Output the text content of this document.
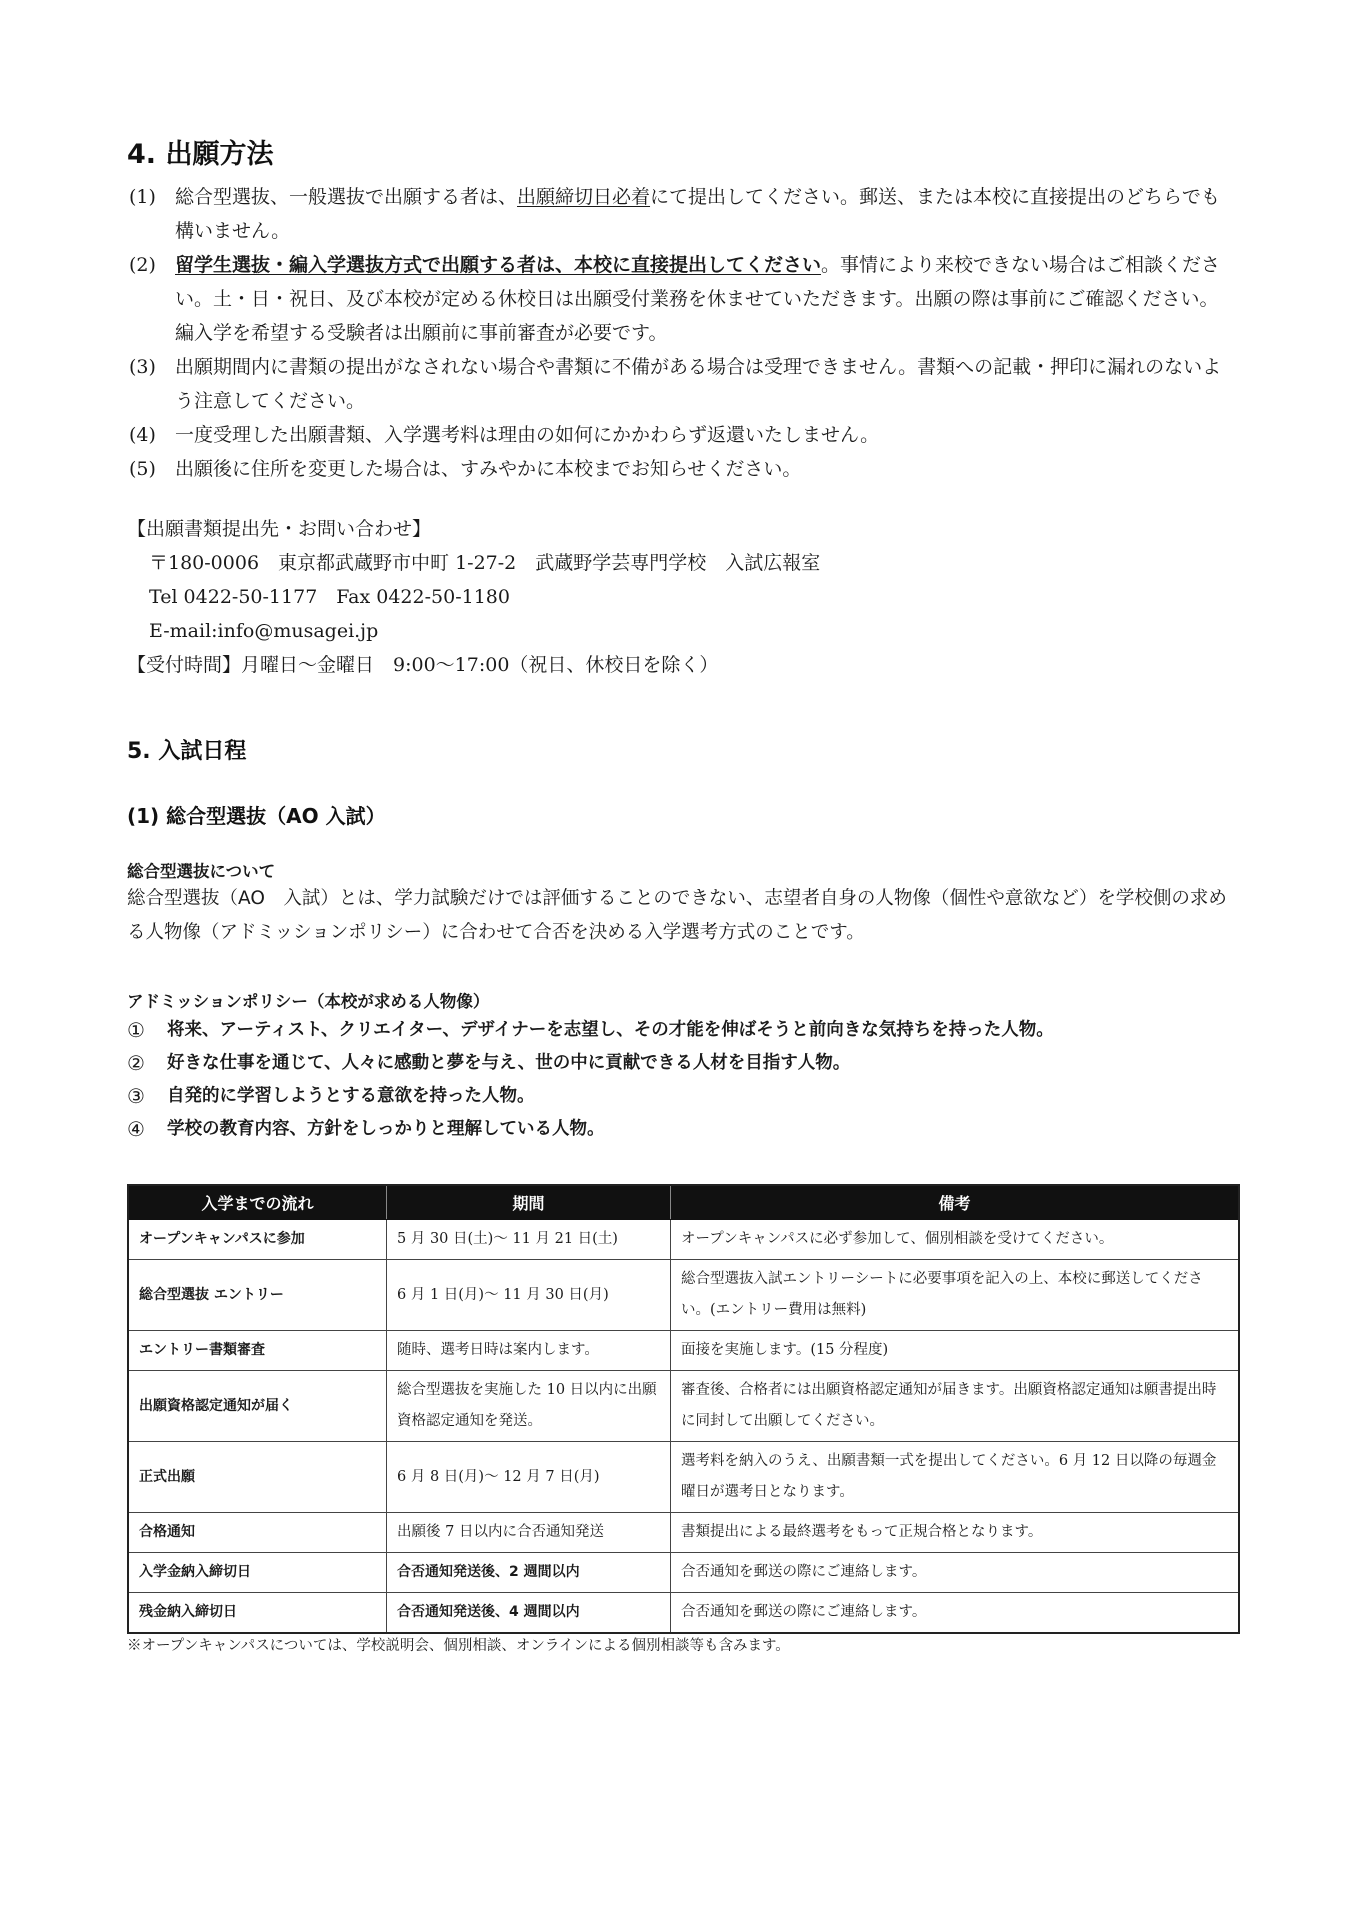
4. 出願方法
(1) 総合型選抜、一般選抜で出願する者は、出願締切日必着にて提出してください。郵送、または本校に直接提出のどちらでも構いません。
(2) 留学生選抜・編入学選抜方式で出願する者は、本校に直接提出してください。事情により来校できない場合はご相談ください。土・日・祝日、及び本校が定める休校日は出願受付業務を休ませていただきます。出願の際は事前にご確認ください。編入学を希望する受験者は出願前に事前審査が必要です。
(3) 出願期間内に書類の提出がなされない場合や書類に不備がある場合は受理できません。書類への記載・押印に漏れのないよう注意してください。
(4) 一度受理した出願書類、入学選考料は理由の如何にかかわらず返還いたしません。
(5) 出願後に住所を変更した場合は、すみやかに本校までお知らせください。
【出願書類提出先・お問い合わせ】
〒180-0006　東京都武蔵野市中町 1-27-2　武蔵野学芸専門学校　入試広報室
Tel 0422-50-1177　Fax 0422-50-1180
E-mail:info@musagei.jp
【受付時間】月曜日～金曜日　9:00～17:00（祝日、休校日を除く）
5. 入試日程
(1) 総合型選抜（AO 入試）
総合型選抜について
総合型選抜（AO　入試）とは、学力試験だけでは評価することのできない、志望者自身の人物像（個性や意欲など）を学校側の求める人物像（アドミッションポリシー）に合わせて合否を決める入学選考方式のことです。
アドミッションポリシー（本校が求める人物像）
① 将来、アーティスト、クリエイター、デザイナーを志望し、その才能を伸ばそうと前向きな気持ちを持った人物。
② 好きな仕事を通じて、人々に感動と夢を与え、世の中に貢献できる人材を目指す人物。
③ 自発的に学習しようとする意欲を持った人物。
④ 学校の教育内容、方針をしっかりと理解している人物。
入学までの流れ	期間	備考
オープンキャンパスに参加	5 月 30 日(土)～ 11 月 21 日(土)	オープンキャンパスに必ず参加して、個別相談を受けてください。
総合型選抜 エントリー	6 月 1 日(月)～ 11 月 30 日(月)	総合型選抜入試エントリーシートに必要事項を記入の上、本校に郵送してください。(エントリー費用は無料)
エントリー書類審査	随時、選考日時は案内します。	面接を実施します。(15 分程度)
出願資格認定通知が届く	総合型選抜を実施した 10 日以内に出願資格認定通知を発送。	審査後、合格者には出願資格認定通知が届きます。出願資格認定通知は願書提出時に同封して出願してください。
正式出願	6 月 8 日(月)～ 12 月 7 日(月)	選考料を納入のうえ、出願書類一式を提出してください。6 月 12 日以降の毎週金曜日が選考日となります。
合格通知	出願後 7 日以内に合否通知発送	書類提出による最終選考をもって正規合格となります。
入学金納入締切日	合否通知発送後、2 週間以内	合否通知を郵送の際にご連絡します。
残金納入締切日	合否通知発送後、4 週間以内	合否通知を郵送の際にご連絡します。
※オープンキャンパスについては、学校説明会、個別相談、オンラインによる個別相談等も含みます。
